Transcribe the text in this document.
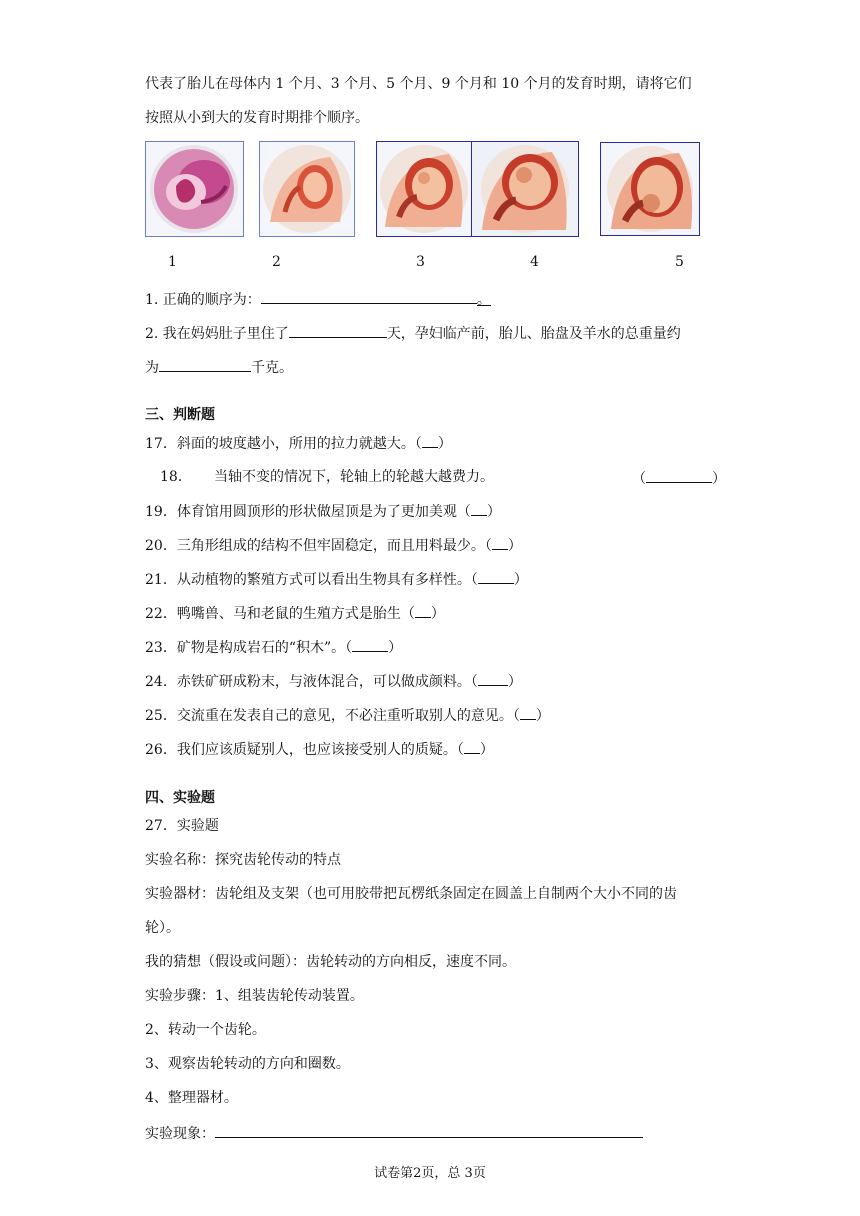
代表了胎儿在母体内 1 个月、3 个月、5 个月、9 个月和 10 个月的发育时期，请将它们
按照从小到大的发育时期排个顺序。
1	2	3	4	5
1. 正确的顺序为：	。
2. 我在妈妈肚子里住了	天，孕妇临产前，胎儿、胎盘及羊水的总重量约
为	千克。
三、判断题
17．斜面的坡度越小，所用的拉力就越大。（ ）
18． 当轴不变的情况下，轮轴上的轮越大越费力。	（	）
19．体育馆用圆顶形的形状做屋顶是为了更加美观（ ）
20．三角形组成的结构不但牢固稳定，而且用料最少。（ ）
21．从动植物的繁殖方式可以看出生物具有多样性。（	）
22．鸭嘴兽、马和老鼠的生殖方式是胎生（ ）
23．矿物是构成岩石的“积木”。（	）
24．赤铁矿研成粉末，与液体混合，可以做成颜料。（ ）
25．交流重在发表自己的意见，不必注重听取别人的意见。（ ）
26．我们应该质疑别人，也应该接受别人的质疑。（ ）
四、实验题
27．实验题
实验名称：探究齿轮传动的特点
实验器材：齿轮组及支架（也可用胶带把瓦楞纸条固定在圆盖上自制两个大小不同的齿
轮）。
我的猜想（假设或问题）：齿轮转动的方向相反，速度不同。
实验步骤：1、组装齿轮传动装置。
2、转动一个齿轮。
3、观察齿轮转动的方向和圈数。
4、整理器材。
实验现象：
试卷第2页，总 3页
